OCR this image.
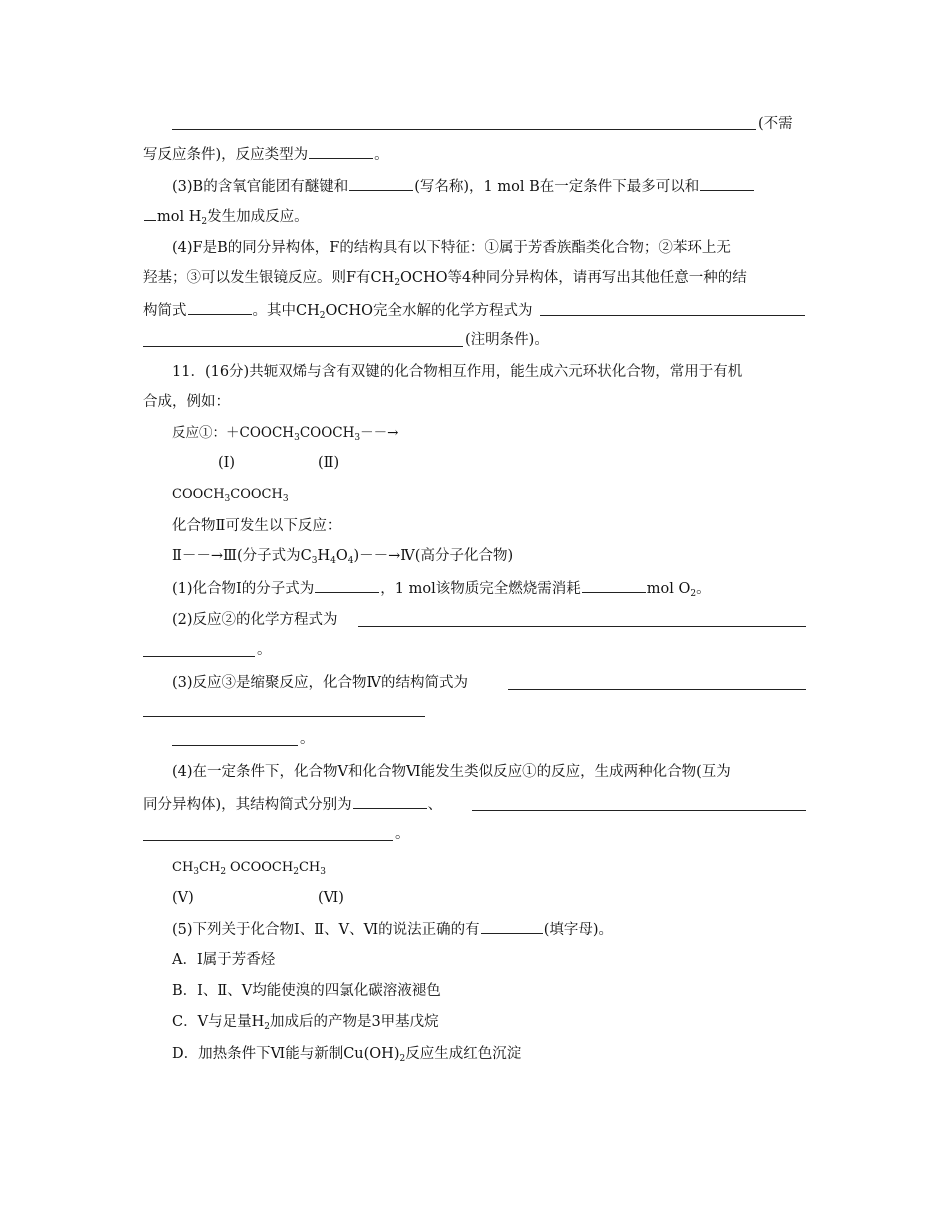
(不需
写反应条件)，反应类型为	。
(3)B的含氧官能团有醚键和	(写名称)，1 mol B在一定条件下最多可以和
mol $H_2$发生加成反应。
(4)F是B的同分异构体，F的结构具有以下特征：①属于芳香族酯类化合物；②苯环上无
羟基；③可以发生银镜反应。则F有$CH_2OCHO$等4种同分异构体，请再写出其他任意一种的结
构简式	。其中$CH_2OCHO$完全水解的化学方程式为
(注明条件)。
11．(16分)共轭双烯与含有双键的化合物相互作用，能生成六元环状化合物，常用于有机
合成，例如：
反应①：$+COOCH_3COOCH_3--\to$
(Ⅰ)	(Ⅱ)
$COOCH_3COOCH_3$
化合物Ⅱ可发生以下反应：
Ⅱ－－→Ⅲ(分子式为$C_3H_4O_4)--\to Ⅳ$(高分子化合物)
(1)化合物Ⅰ的分子式为	，1 mol该物质完全燃烧需消耗	mol $O_2$。
(2)反应②的化学方程式为
。
(3)反应③是缩聚反应，化合物Ⅳ的结构简式为
。
(4)在一定条件下，化合物Ⅴ和化合物Ⅵ能发生类似反应①的反应，生成两种化合物(互为
同分异构体)，其结构简式分别为	、
。
$CH_3CH_2$ $OCOOCH_2CH_3$
(Ⅴ)	(Ⅵ)
(5)下列关于化合物Ⅰ、Ⅱ、Ⅴ、Ⅵ的说法正确的有	(填字母)。
A．Ⅰ属于芳香烃
B．Ⅰ、Ⅱ、Ⅴ均能使溴的四氯化碳溶液褪色
C．Ⅴ与足量$H_2$加成后的产物是3甲基戊烷
D．加热条件下Ⅵ能与新制$Cu(OH)_2$反应生成红色沉淀
